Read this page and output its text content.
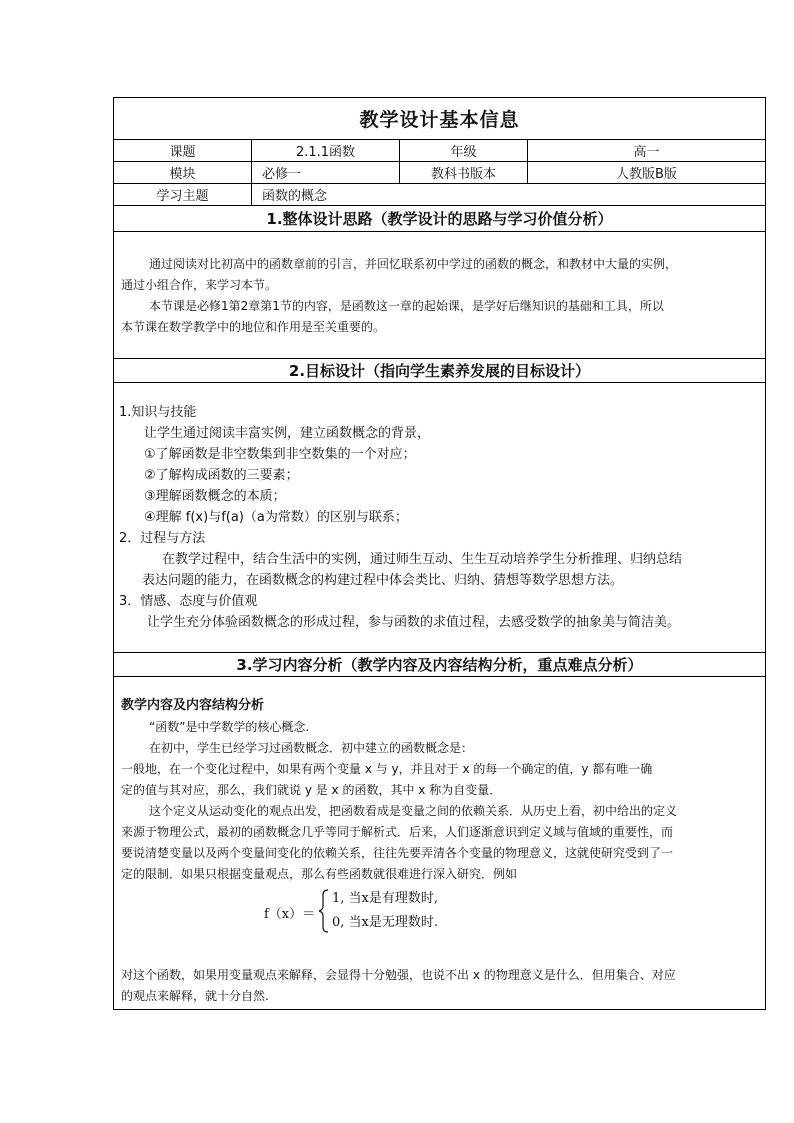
教学设计基本信息
课题	2.1.1函数	年级	高一
模块	必修一	教科书版本	人教版B版
学习主题	函数的概念
1.整体设计思路（教学设计的思路与学习价值分析）

通过阅读对比初高中的函数章前的引言，并回忆联系初中学过的函数的概念，和教材中大量的实例，

通过小组合作，来学习本节。

本节课是必修1第2章第1节的内容，是函数这一章的起始课，是学好后继知识的基础和工具，所以

本节课在数学教学中的地位和作用是至关重要的。

2.目标设计（指向学生素养发展的目标设计）

1.知识与技能

让学生通过阅读丰富实例，建立函数概念的背景，

①了解函数是非空数集到非空数集的一个对应；

②了解构成函数的三要素；

③理解函数概念的本质；

④理解 f(x)与f(a)（a为常数）的区别与联系；

2．过程与方法

在教学过程中，结合生活中的实例，通过师生互动、生生互动培养学生分析推理、归纳总结

表达问题的能力，在函数概念的构建过程中体会类比、归纳、猜想等数学思想方法。

3．情感、态度与价值观

让学生充分体验函数概念的形成过程，参与函数的求值过程，去感受数学的抽象美与简洁美。

3.学习内容分析（教学内容及内容结构分析，重点难点分析）

教学内容及内容结构分析

“函数”是中学数学的核心概念.

在初中，学生已经学习过函数概念．初中建立的函数概念是：

一般地，在一个变化过程中，如果有两个变量 x 与 y，并且对于 x 的每一个确定的值，y 都有唯一确

定的值与其对应，那么，我们就说 y 是 x 的函数，其中 x 称为自变量．

这个定义从运动变化的观点出发，把函数看成是变量之间的依赖关系．从历史上看，初中给出的定义

来源于物理公式，最初的函数概念几乎等同于解析式．后来，人们逐渐意识到定义域与值域的重要性，而

要说清楚变量以及两个变量间变化的依赖关系，往往先要弄清各个变量的物理意义，这就使研究受到了一

定的限制．如果只根据变量观点，那么有些函数就很难进行深入研究．例如

f（x）＝
1, 当x是有理数时,
0, 当x是无理数时.

对这个函数，如果用变量观点来解释，会显得十分勉强，也说不出 x 的物理意义是什么．但用集合、对应

的观点来解释，就十分自然.
